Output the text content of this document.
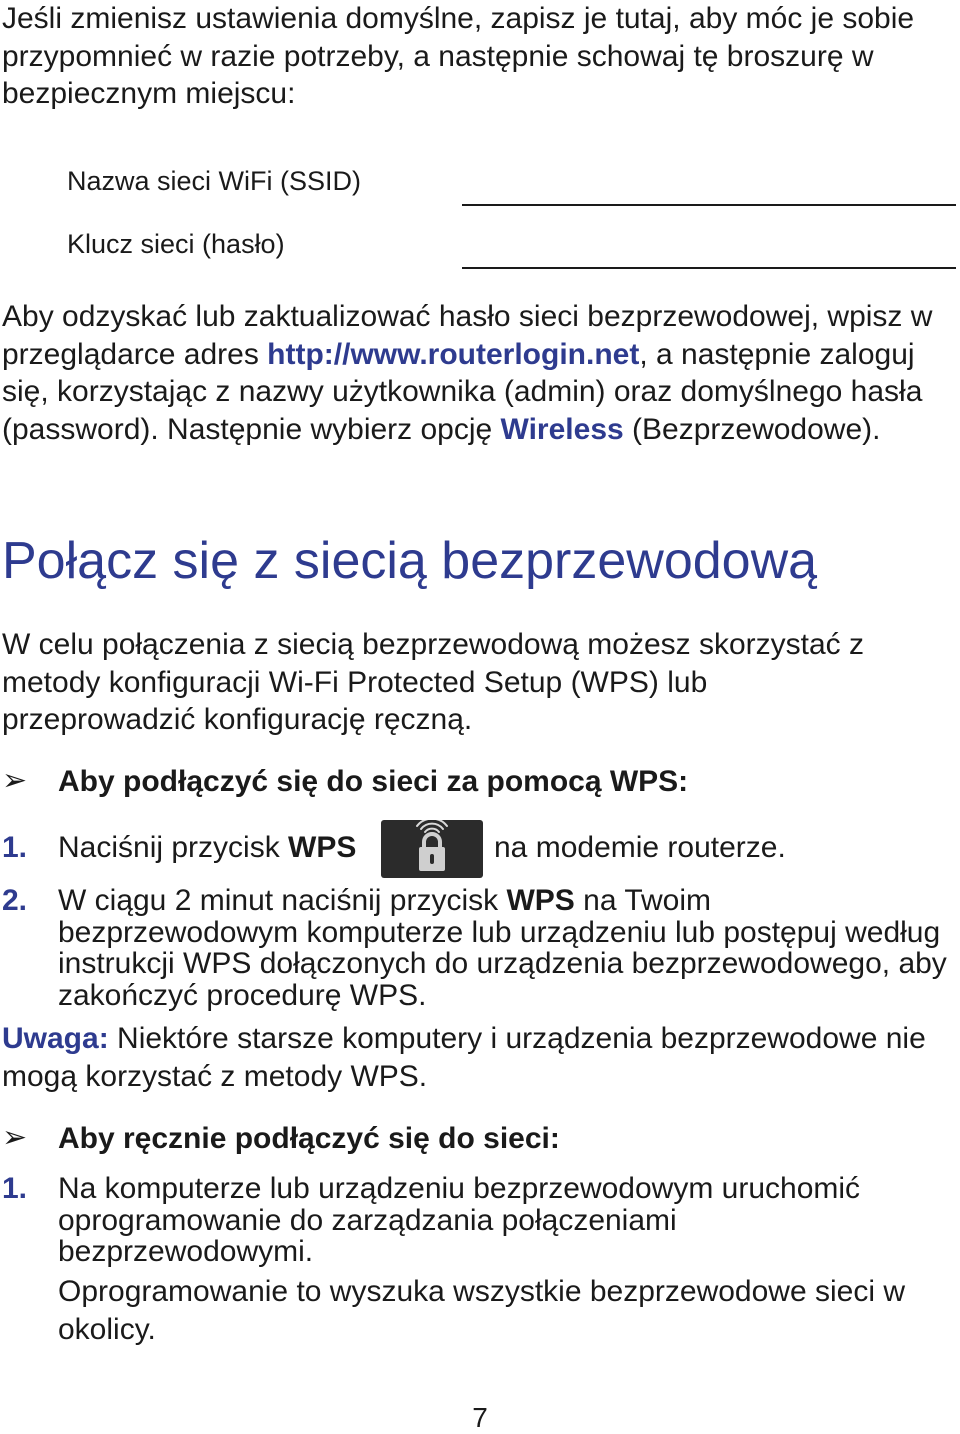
Jeśli zmienisz ustawienia domyślne, zapisz je tutaj, aby móc je sobie przypomnieć w razie potrzeby, a następnie schowaj tę broszurę w bezpiecznym miejscu:

Nazwa sieci WiFi (SSID)
Klucz sieci (hasło)

Aby odzyskać lub zaktualizować hasło sieci bezprzewodowej, wpisz w przeglądarce adres http://www.routerlogin.net, a następnie zaloguj się, korzystając z nazwy użytkownika (admin) oraz domyślnego hasła (password). Następnie wybierz opcję Wireless (Bezprzewodowe).

Połącz się z siecią bezprzewodową

W celu połączenia z siecią bezprzewodową możesz skorzystać z metody konfiguracji Wi-Fi Protected Setup (WPS) lub przeprowadzić konfigurację ręczną.

➢ Aby podłączyć się do sieci za pomocą WPS:
1. Naciśnij przycisk WPS	na modemie routerze.
2. W ciągu 2 minut naciśnij przycisk WPS na Twoim bezprzewodowym komputerze lub urządzeniu lub postępuj według instrukcji WPS dołączonych do urządzenia bezprzewodowego, aby zakończyć procedurę WPS.

Uwaga: Niektóre starsze komputery i urządzenia bezprzewodowe nie mogą korzystać z metody WPS.

➢ Aby ręcznie podłączyć się do sieci:
1. Na komputerze lub urządzeniu bezprzewodowym uruchomić oprogramowanie do zarządzania połączeniami bezprzewodowymi.
Oprogramowanie to wyszuka wszystkie bezprzewodowe sieci w okolicy.
7
